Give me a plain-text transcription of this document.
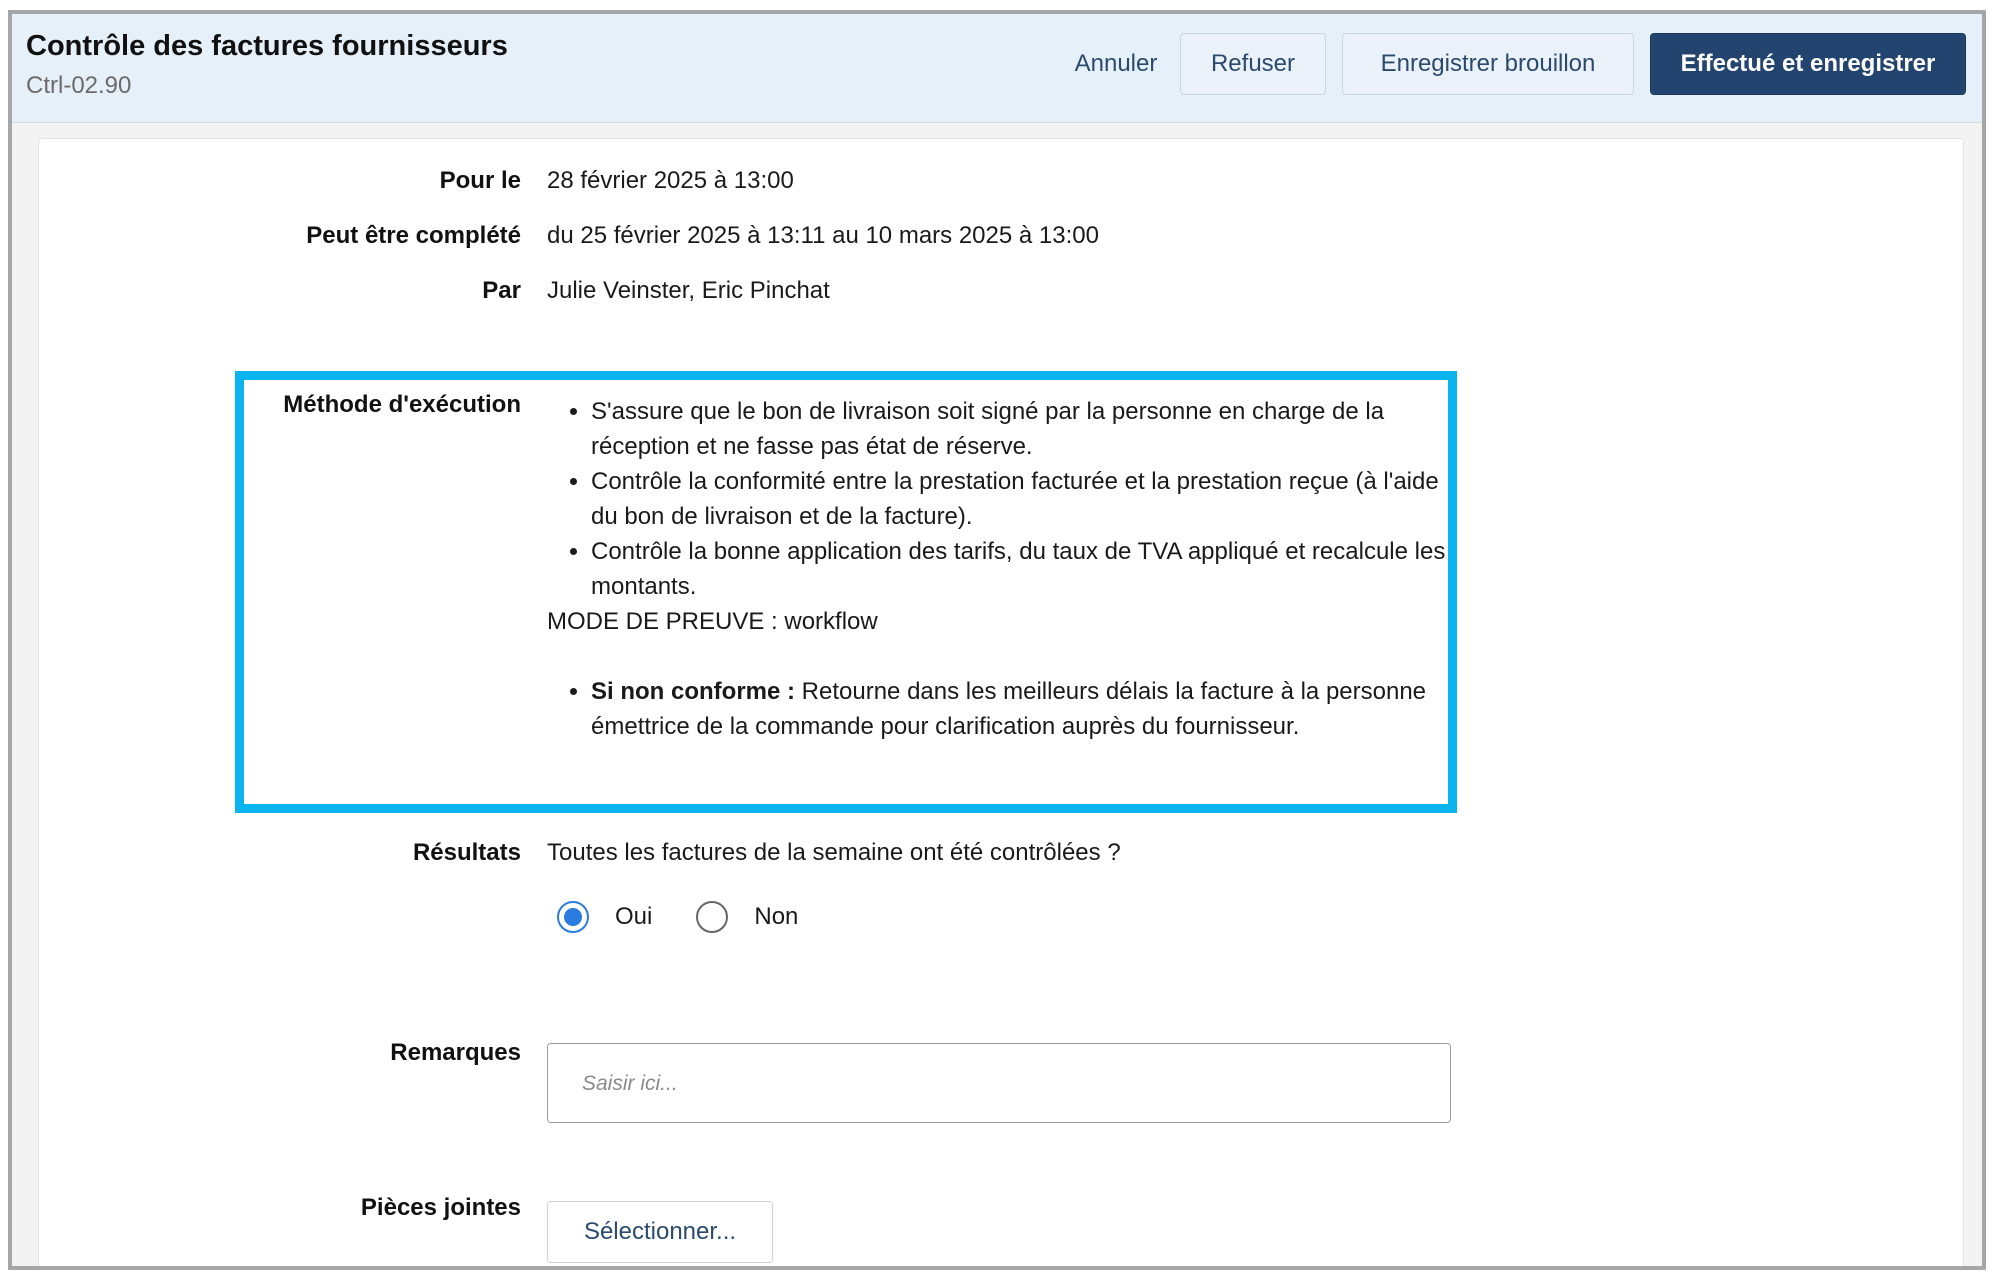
Contrôle des factures fournisseurs
Ctrl-02.90
Annuler	Refuser	Enregistrer brouillon	Effectué et enregistrer
Pour le 28 février 2025 à 13:00
Peut être complété du 25 février 2025 à 13:11 au 10 mars 2025 à 13:00
Par Julie Veinster, Eric Pinchat
Méthode d'exécution
•	S'assure que le bon de livraison soit signé par la personne en charge de la réception et ne fasse pas état de réserve.
• Contrôle la conformité entre la prestation facturée et la prestation reçue (à l'aide du bon de livraison et de la facture).
• Contrôle la bonne application des tarifs, du taux de TVA appliqué et recalcule les montants.
MODE DE PREUVE : workflow
• Si non conforme : Retourne dans les meilleurs délais la facture à la personne émettrice de la commande pour clarification auprès du fournisseur.
Résultats Toutes les factures de la semaine ont été contrôlées ?
Oui	Non
Remarques
Saisir ici...
Pièces jointes
Sélectionner...
